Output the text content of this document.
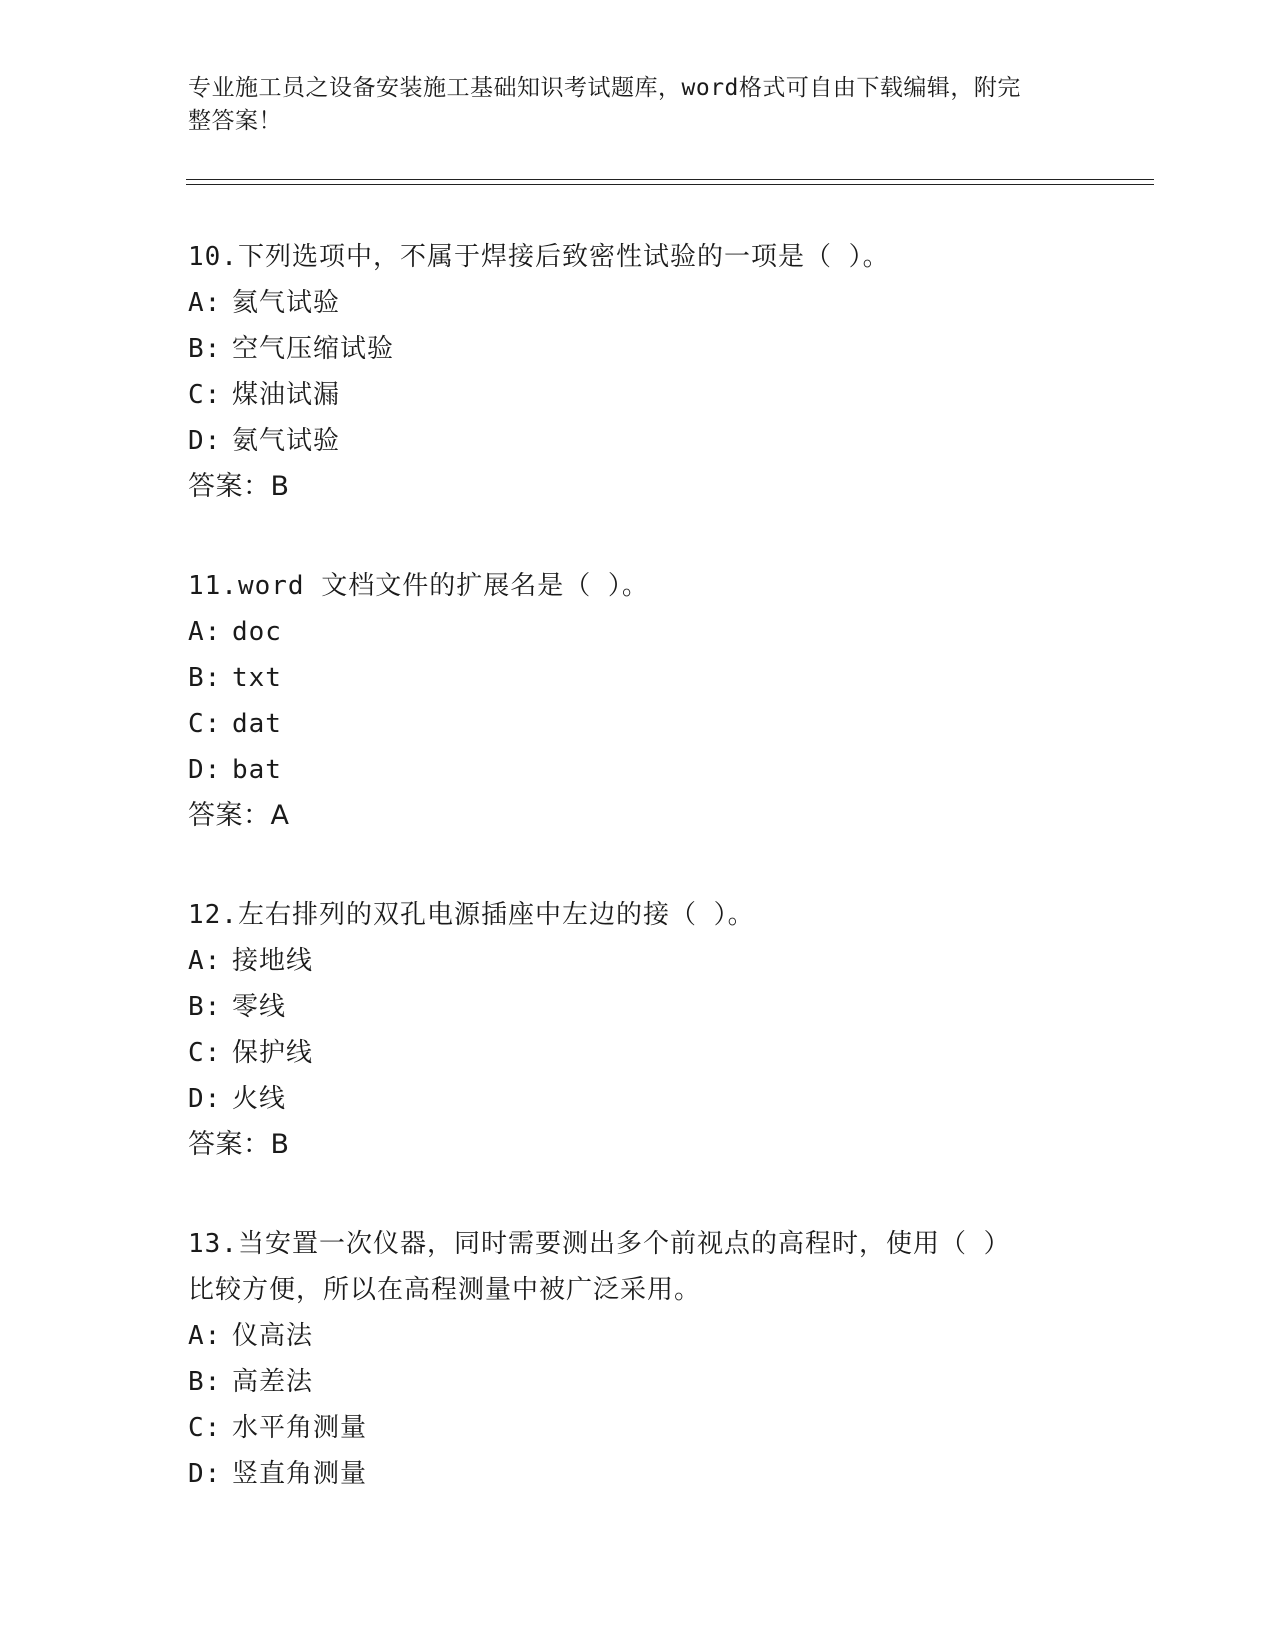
专业施工员之设备安装施工基础知识考试题库，word格式可自由下载编辑，附完
整答案！
10.下列选项中，不属于焊接后致密性试验的一项是（ ）。
A: 氦气试验
B: 空气压缩试验
C: 煤油试漏
D: 氨气试验
答案：B
11.word 文档文件的扩展名是（ ）。
A: doc
B: txt
C: dat
D: bat
答案：A
12.左右排列的双孔电源插座中左边的接（ ）。
A: 接地线
B: 零线
C: 保护线
D: 火线
答案：B
13.当安置一次仪器，同时需要测出多个前视点的高程时，使用（ ）
比较方便，所以在高程测量中被广泛采用。
A: 仪高法
B: 高差法
C: 水平角测量
D: 竖直角测量
